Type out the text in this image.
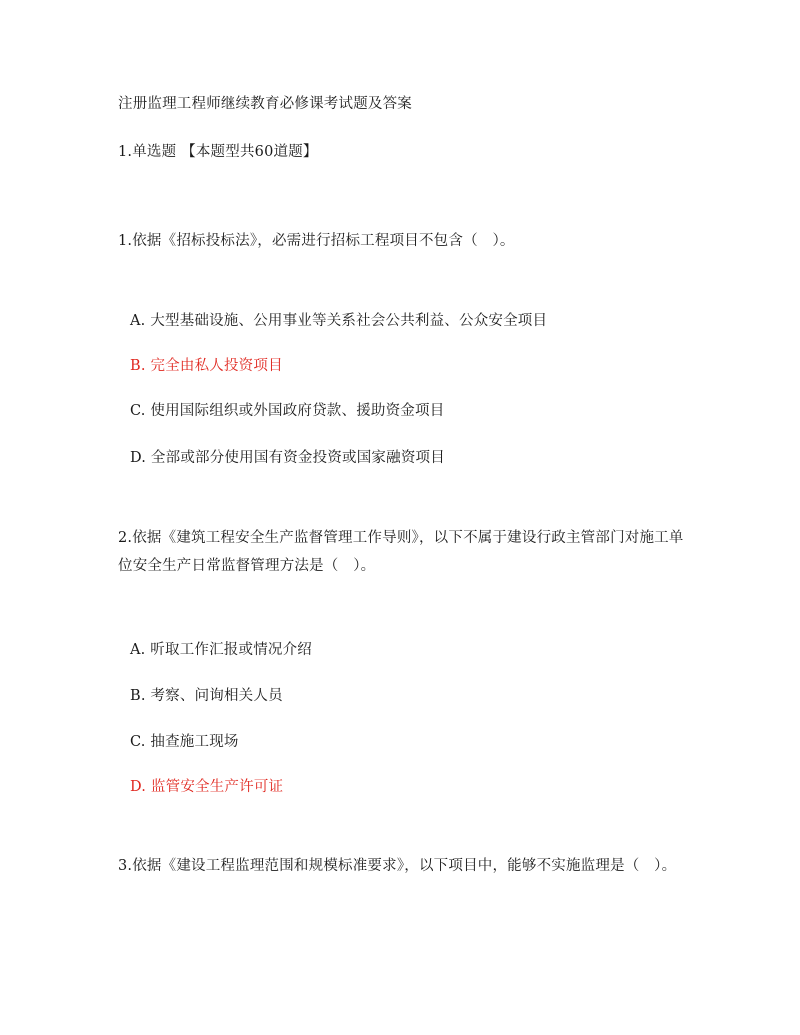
注册监理工程师继续教育必修课考试题及答案
1.单选题 【本题型共60道题】
1.依据《招标投标法》，必需进行招标工程项目不包含（　）。
A. 大型基础设施、公用事业等关系社会公共利益、公众安全项目
B. 完全由私人投资项目
C. 使用国际组织或外国政府贷款、援助资金项目
D. 全部或部分使用国有资金投资或国家融资项目
2.依据《建筑工程安全生产监督管理工作导则》，以下不属于建设行政主管部门对施工单位安全生产日常监督管理方法是（　）。
A. 听取工作汇报或情况介绍
B. 考察、问询相关人员
C. 抽查施工现场
D. 监管安全生产许可证
3.依据《建设工程监理范围和规模标准要求》，以下项目中，能够不实施监理是（　）。
